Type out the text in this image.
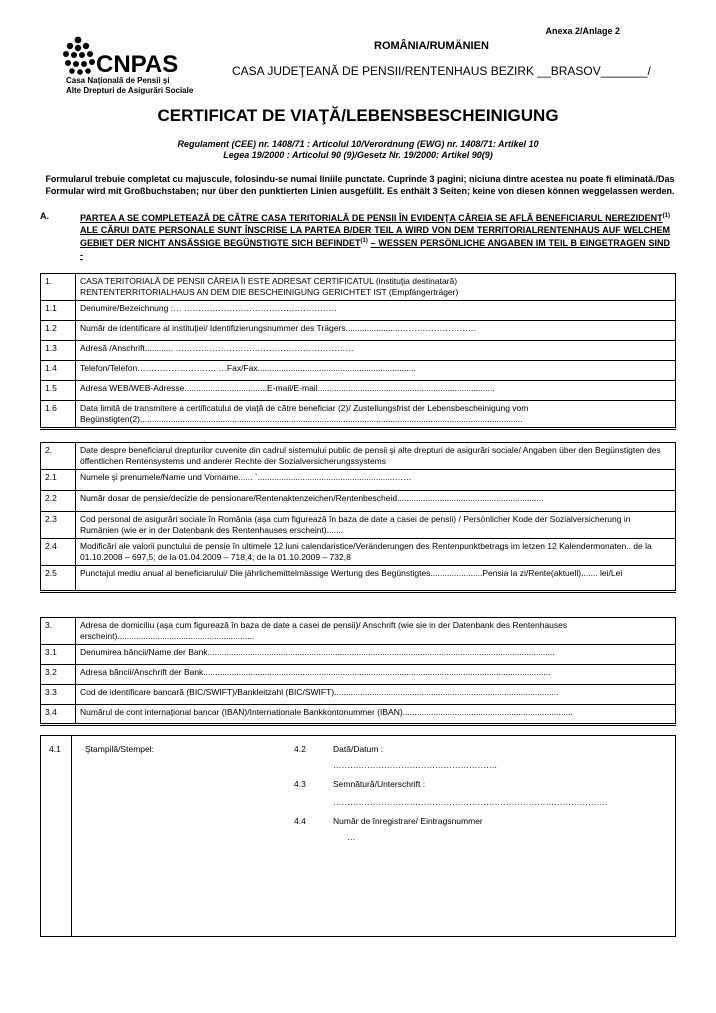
Anexa 2/Anlage 2
ROMÂNIA/RUMÄNIEN
CNPAS
Casa Naţională de Pensii şi
Alte Drepturi de Asigurări Sociale
CASA JUDEŢEANĂ DE PENSII/RENTENHAUS BEZIRK __BRASOV_______/
CERTIFICAT DE VIAŢĂ/LEBENSBESCHEINIGUNG
Regulament (CEE) nr. 1408/71 : Articolul 10/Verordnung (EWG) nr. 1408/71: Artikel 10
Legea 19/2000 : Articolul 90 (9)/Gesetz Nr. 19/2000: Artikel 90(9)
Formularul trebuie completat cu majuscule, folosindu-se numai liniile punctate. Cuprinde 3 pagini; niciuna dintre acestea nu poate fi eliminată./Das Formular wird mit Großbuchstaben; nur über den punktierten Linien ausgefüllt. Es enthält 3 Seiten; keine von diesen können weggelassen werden.
A.	PARTEA A SE COMPLETEAZĂ DE CĂTRE CASA TERITORIALĂ DE PENSII ÎN EVIDENŢA CĂREIA SE AFLĂ BENEFICIARUL NEREZIDENT$^{(1)}$ ALE CĂRUI DATE PERSONALE SUNT ÎNSCRISE LA PARTEA B/DER TEIL A WIRD VON DEM TERRITORIALRENTENHAUS AUF WELCHEM GEBIET DER NICHT ANSÄSSIGE BEGÜNSTIGTE SICH BEFINDET$^{(1)}$ – WESSEN PERSÖNLICHE ANGABEN IM TEIL B EINGETRAGEN SIND -
1.	CASA TERITORIALĂ DE PENSII CĂREIA ÎI ESTE ADRESAT CERTIFICATUL (instituţia destinatară)
RENTENTERRITORIALHAUS AN DEM DIE BESCHEINIGUNG GERICHTET IST (Empfängerträger)

1.1	Denumire/Bezeichnung :… ………………………………………………
1.2	Număr de identificare al instituţiei/ Identifizierungsnummer des Trägers.......................………………………
1.3	Adresă /Anschrift............ ………………………………………………………
1.4	Telefon/Telefon………………………. …Fax/Fax...................................................................
1.5	Adresa WEB/WEB-Adresse...................................E-mail/E-mail...........................................................................
1.6	Data limită de transmitere a certificatului de viaţă de către beneficiar (2)/ Zustellungsfrist der Lebensbescheinigung vom Begünstigten(2)..................................................................................................................................................................
2.	Date despre beneficiarul drepturilor cuvenite din cadrul sistemului public de pensii şi alte drepturi de asigurări sociale/ Angaben über den Begünstigten des öffentlichen Rentensystems und anderer Rechte der Sozialversicherungssystems
2.1	Numele şi prenumele/Name und Vorname...... `..........................................................……
2.2	Număr dosar de pensie/decizie de pensionare/Rentenaktenzeichen/Rentenbescheid..............................................................
2.3	Cod personal de asigurări sociale în România (aşa cum figurează în baza de date a casei de pensii) / Persönlicher Kode der Sozialversicherung in Rumänien (wie er in der Datenbank des Rentenhauses erscheint).......
2.4	Modificări ale valorii punctului de pensie în ultimele 12 luni calendaristice/Veränderungen des Rentenpunktbetrags im letzen 12 Kalendermonaten.. de la 01.10.2008 – 697,5; de la 01.04.2009 – 718,4; de la 01.10.2009 – 732,8
2.5	Punctajul mediu anual al beneficiarului/ Die jährlichemittelmässige Wertung des Begünstigtes......................Pensia la zi/Rente(aktuell)....... lei/Lei
3.	Adresa de domiciliu (aşa cum figurează în baza de date a casei de pensii)/ Anschrift (wie sie in der Datenbank des Rentenhauses erscheint)..........................................................
3.1	Denumirea băncii/Name der Bank...................................................................................................................................................
3.2	Adresa băncii/Anschrift der Bank...................................................................................................................................................
3.3	Cod de identificare bancară (BIC/SWIFT)/Bankleitzahl (BIC/SWIFT)...............................................................................................
3.4	Numărul de cont internaţional bancar (IBAN)/Internationale Bankkontonummer (IBAN)........................................................................
4.1	Ştampilă/Stempel:	4.2	Dată/Datum :
………………………………………………….
4.3	Semnătură/Unterschrift :
…………………………………………………………………………………….
4.4	Număr de înregistrare/ Eintragsnummer
…
